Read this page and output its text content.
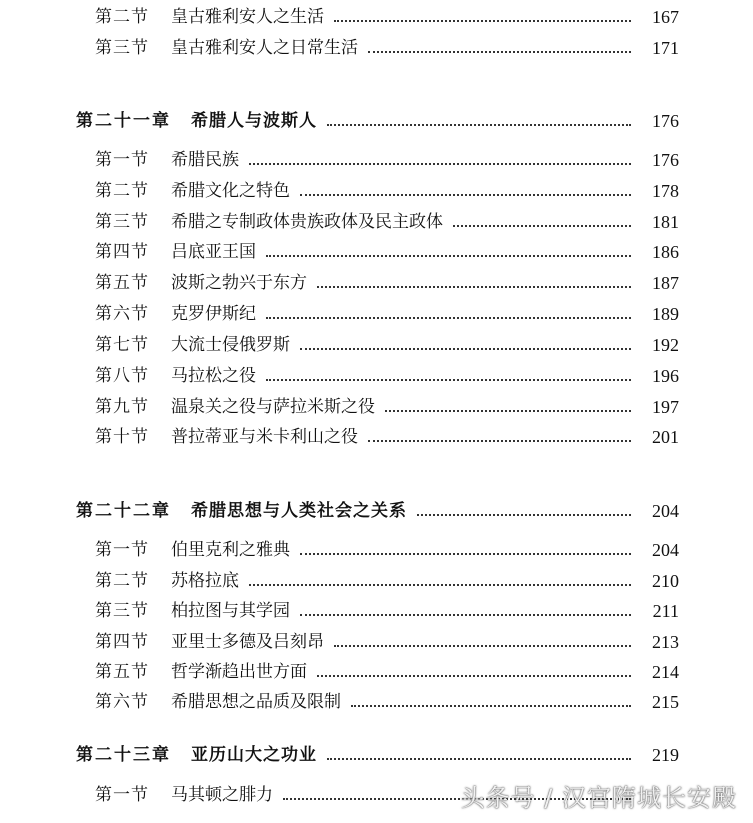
第二节	皇古雅利安人之生活	167
第三节	皇古雅利安人之日常生活	171
第二十一章 希腊人与波斯人	176
第一节	希腊民族	176
第二节	希腊文化之特色	178
第三节	希腊之专制政体贵族政体及民主政体	181
第四节	吕底亚王国	186
第五节	波斯之勃兴于东方	187
第六节	克罗伊斯纪	189
第七节	大流士侵俄罗斯	192
第八节	马拉松之役	196
第九节	温泉关之役与萨拉米斯之役	197
第十节	普拉蒂亚与米卡利山之役	201
第二十二章 希腊思想与人类社会之关系	204
第一节	伯里克利之雅典	204
第二节	苏格拉底	210
第三节	柏拉图与其学园	211
第四节	亚里士多德及吕刻昂	213
第五节	哲学渐趋出世方面	214
第六节	希腊思想之品质及限制	215
第二十三章 亚历山大之功业	219
第一节	马其顿之腓力	头条号 / 汉宫隋城长安殿
